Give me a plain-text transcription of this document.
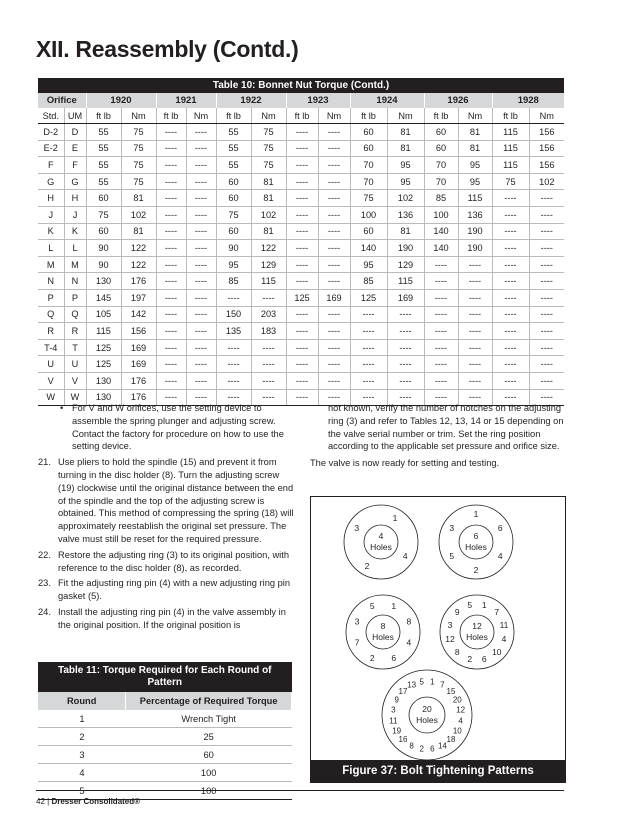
XII. Reassembly (Contd.)
Table 10: Bonnet Nut Torque (Contd.)															
Orifice		1920		1921		1922		1923		1924		1926		1928	
Std.	UM	ft lb	Nm	ft lb	Nm	ft lb	Nm	ft lb	Nm	ft lb	Nm	ft lb	Nm	ft lb	Nm
D-2	D	55	75	----	----	55	75	----	----	60	81	60	81	115	156
E-2	E	55	75	----	----	55	75	----	----	60	81	60	81	115	156
F	F	55	75	----	----	55	75	----	----	70	95	70	95	115	156
G	G	55	75	----	----	60	81	----	----	70	95	70	95	75	102
H	H	60	81	----	----	60	81	----	----	75	102	85	115	----	----
J	J	75	102	----	----	75	102	----	----	100	136	100	136	----	----
K	K	60	81	----	----	60	81	----	----	60	81	140	190	----	----
L	L	90	122	----	----	90	122	----	----	140	190	140	190	----	----
M	M	90	122	----	----	95	129	----	----	95	129	----	----	----	----
N	N	130	176	----	----	85	115	----	----	85	115	----	----	----	----
P	P	145	197	----	----	----	----	125	169	125	169	----	----	----	----
Q	Q	105	142	----	----	150	203	----	----	----	----	----	----	----	----
R	R	115	156	----	----	135	183	----	----	----	----	----	----	----	----
T-4	T	125	169	----	----	----	----	----	----	----	----	----	----	----	----
U	U	125	169	----	----	----	----	----	----	----	----	----	----	----	----
V	V	130	176	----	----	----	----	----	----	----	----	----	----	----	----
W	W	130	176	----	----	----	----	----	----	----	----	----	----	----	----
• For V and W orifices, use the setting device to assemble the spring plunger and adjusting screw. Contact the factory for procedure on how to use the setting device.
21. Use pliers to hold the spindle (15) and prevent it from turning in the disc holder (8). Turn the adjusting screw (19) clockwise until the original distance between the end of the spindle and the top of the adjusting screw is obtained. This method of compressing the spring (18) will approximately reestablish the original set pressure. The valve must still be reset for the required pressure.
22. Restore the adjusting ring (3) to its original position, with reference to the disc holder (8), as recorded.
23. Fit the adjusting ring pin (4) with a new adjusting ring pin gasket (5).
24. Install the adjusting ring pin (4) in the valve assembly in the original position. If the original position is
Table 11: Torque Required for Each Round of Pattern	
Round	Percentage of Required Torque
1	Wrench Tight
2	25
3	60
4	100
5	100

not known, verify the number of notches on the adjusting ring (3) and refer to Tables 12, 13, 14 or 15 depending on the valve serial number or trim. Set the ring position according to the applicable set pressure and orifice size.

The valve is now ready for setting and testing.

4
Holes
1
4
2
3
6
Holes
1
6
4
2
5
3
8
Holes
1
8
4
6
2
7
3
5
12
Holes
1
7
11
4
10
6
2
8
12
3
9
5
20
Holes
1 7
15
20
12
4
10
18
14
6
2
8
16
19
11
3
9
17
13 5
Figure 37: Bolt Tightening Patterns
42 | Dresser Consolidated®
